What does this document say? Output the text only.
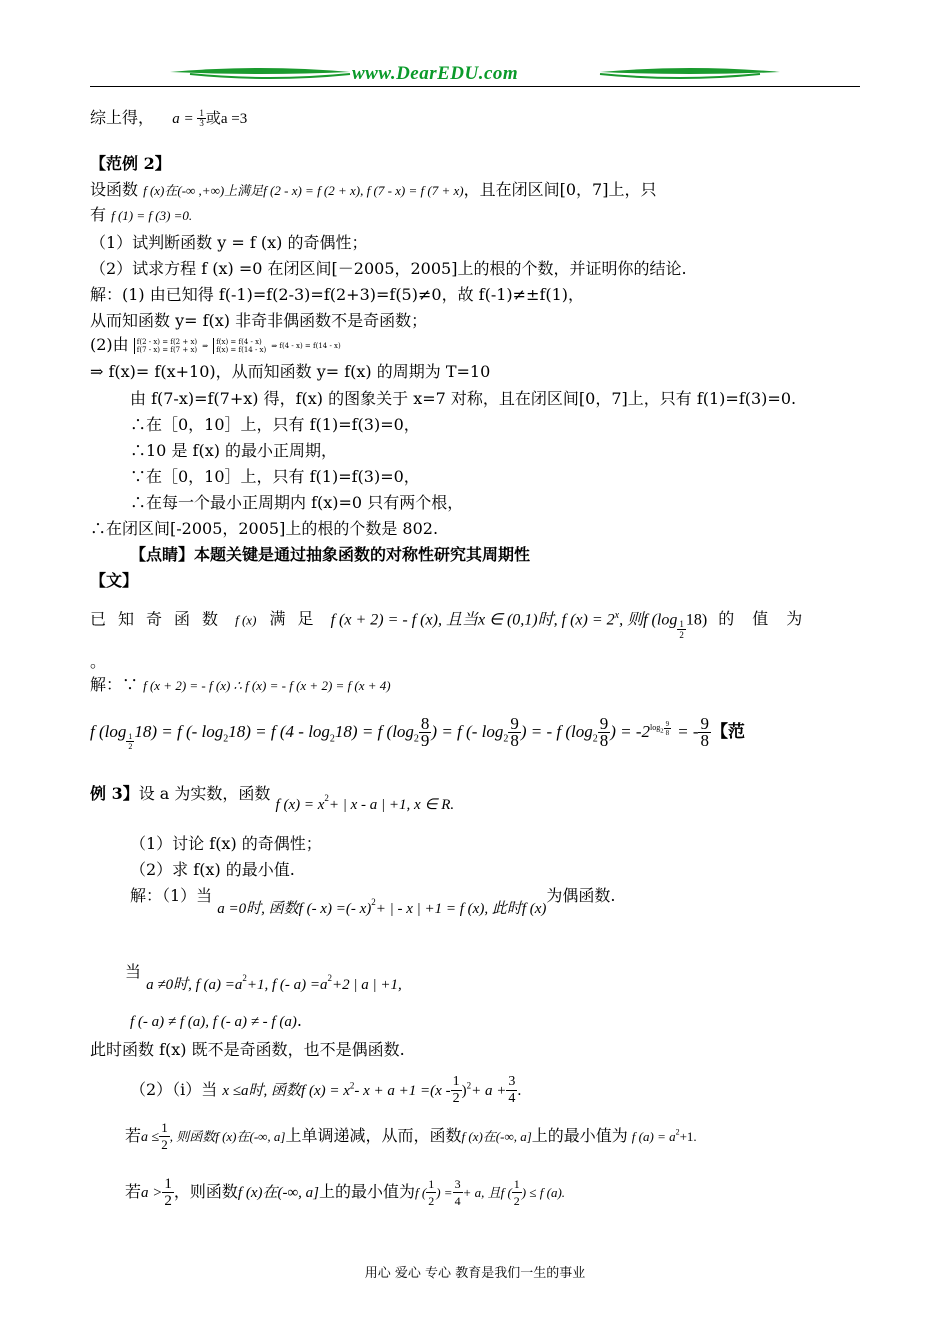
www.DearEDU.com
综上得， $a = \frac{1}{3}$ 或a =3
【范例 2】
设函数 f (x)在(-∞ ,+∞)上满足f (2 - x) = f (2 + x), f (7 - x) = f (7 + x)，且在闭区间[0，7]上，只
有 f (1) = f (3) =0.
（1）试判断函数 y = f (x) 的奇偶性；
（2）试求方程 f (x) =0 在闭区间[－2005，2005]上的根的个数，并证明你的结论.
解：(1) 由已知得 f(-1)=f(2-3)=f(2+3)=f(5)≠0，故 f(-1)≠±f(1)，
从而知函数 y= f(x) 非奇非偶函数不是奇函数；
(2)由 f(2 - x) = f(2 + x)
f(7 - x) = f(7 + x) ⇒ f(x) = f(4 - x)
f(x) = f(14 - x) ⇒ f(4 - x) = f(14 - x)
⇒ f(x)= f(x+10)，从而知函数 y= f(x) 的周期为 T=10
由 f(7-x)=f(7+x) 得，f(x) 的图象关于 x=7 对称，且在闭区间[0，7]上，只有 f(1)=f(3)=0.
∴在［0，10］上，只有 f(1)=f(3)=0，
∴10 是 f(x) 的最小正周期，
∵在［0，10］上，只有 f(1)=f(3)=0，
∴在每一个最小正周期内 f(x)=0 只有两个根，
∴在闭区间[-2005，2005]上的根的个数是 802.
【点睛】本题关键是通过抽象函数的对称性研究其周期性
【文】
已知奇函数 f (x) 满足 f (x + 2) = - f (x), 且当x ∈ (0,1)时, f $(x) = 2^x$, 则f $(\log \frac{1}{2} 18)$ 的值为
。
解：∵ f (x + 2) = - f (x) ∴ f (x) = - f (x + 2) = f (x + 4)
f (log
$\frac{1}{2}$
18) = f (- $\log_218) = f$ $(4 - \log_218) = f$ ($\log_2 \frac{8}{9}$ ) = f (- $\log_2 \frac{9}{8}$ ) = - f ($\log_2 \frac{9}{8}$ ) = $-2^{log_2 \frac{9}{8}}$ = - $\frac{9}{8}$ 【范
例 3】设 a 为实数，函数 f $(x) = x^2+$ | x - a | +1, x ∈ R.
（1）讨论 f(x) 的奇偶性；
（2）求 f(x) 的最小值.
解：（1）当 a =0时, 函数f (- x) =(- x)$^2$+ | - x | +1 = f (x), 此时f (x)为偶函数.
当 a ≠0时, f $(a) =a^2+1$, f (- $a) =a^2+2$ | a | +1,
f (- a) ≠ f (a), f (- a) ≠ - f (a).
此时函数 f(x) 既不是奇函数，也不是偶函数.
（2）（i）当 x ≤a时, 函数f $(x) = x^2-$ $x + a +1 =(x - \frac{1}{2} )^2+ a + \frac{3}{4}$ .
若$a \le \frac{1}{2}$ , 则函数f (x)在(-∞, a]上单调递减，从而，函数f (x)在(-∞, a]上的最小值为 f $(a) = a^2+1$.
若$a > \frac{1}{2}$ ，则函数f (x)在(-∞, a]上的最小值为f ( $\frac{1}{2}$ ) = $\frac{3}{4} + a$, 且f ( $\frac{1}{2}$ ) ≤ f (a).
用心 爱心 专心 教育是我们一生的事业
